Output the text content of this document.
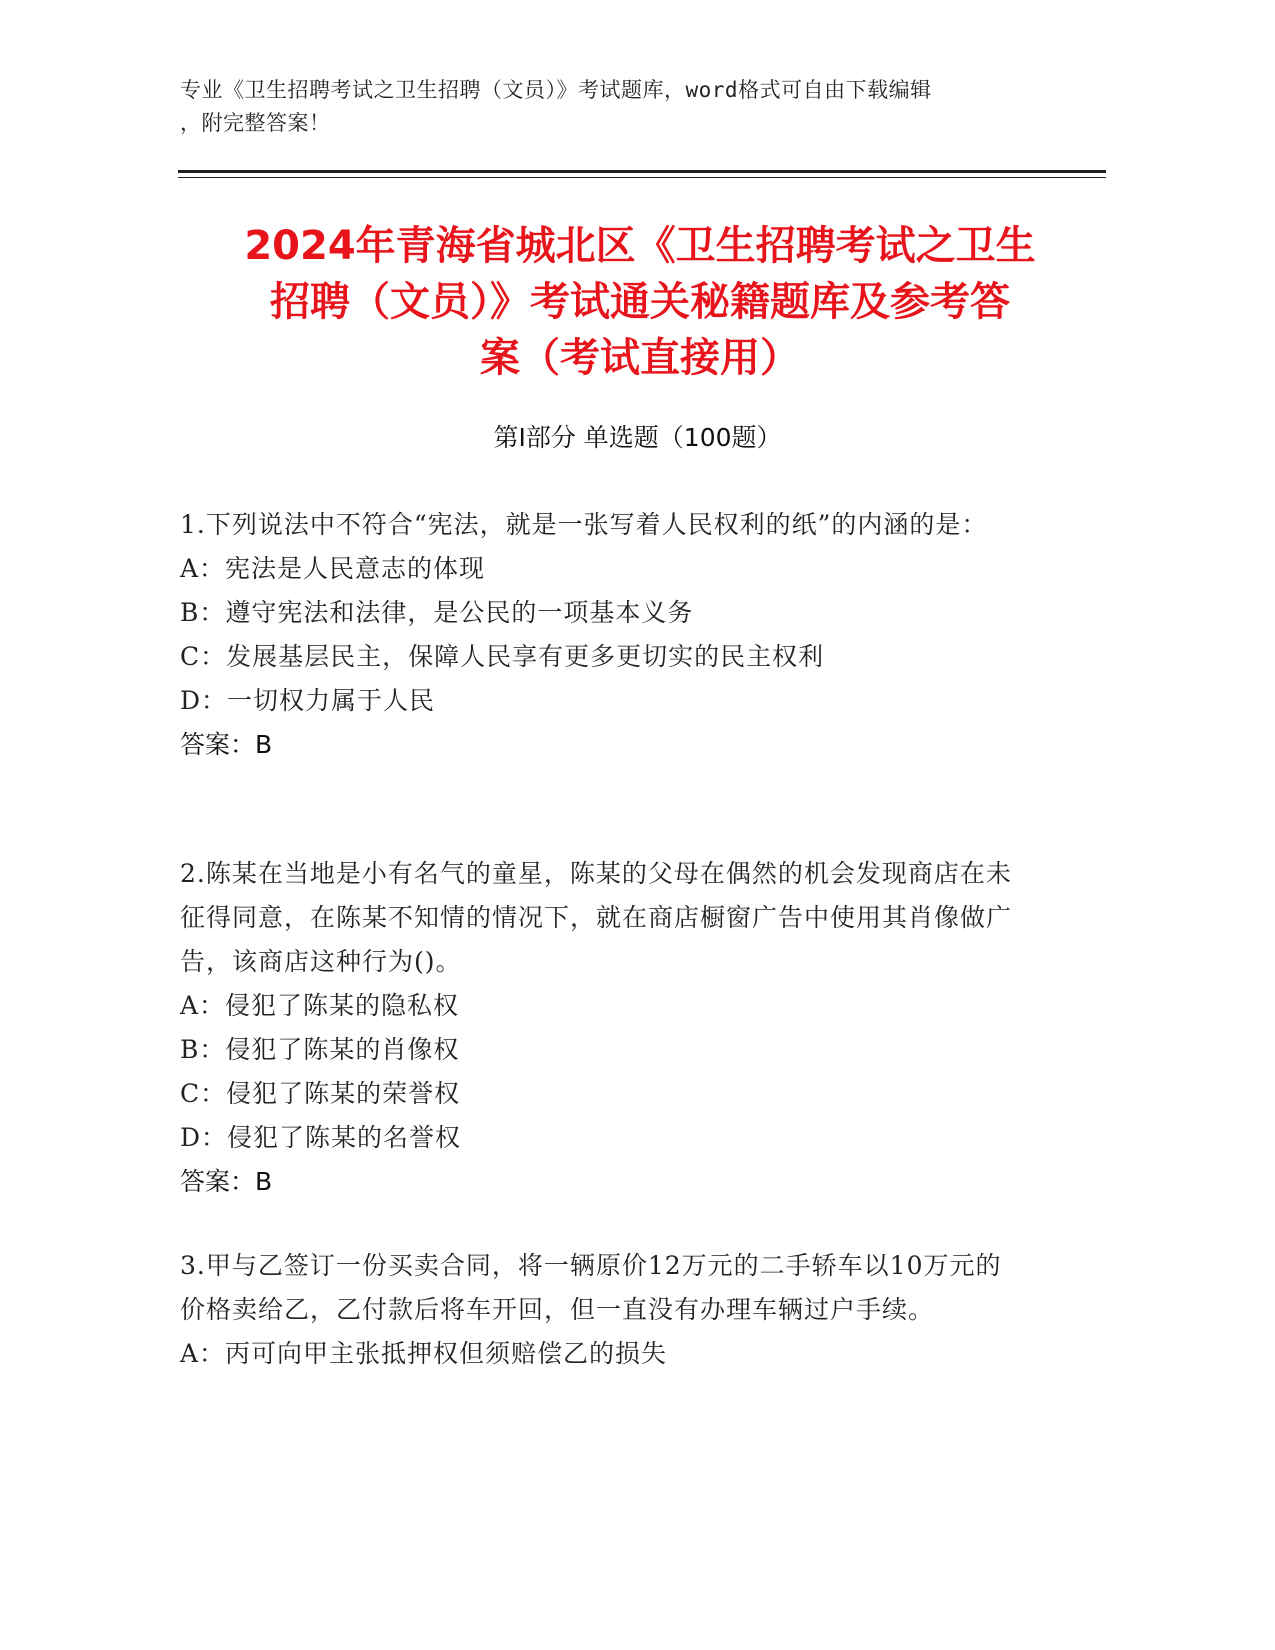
专业《卫生招聘考试之卫生招聘（文员）》考试题库，word格式可自由下载编辑
，附完整答案！
2024年青海省城北区《卫生招聘考试之卫生
招聘（文员）》考试通关秘籍题库及参考答
案（考试直接用）
第Ⅰ部分 单选题（100题）
1.下列说法中不符合“宪法，就是一张写着人民权利的纸”的内涵的是：
A：宪法是人民意志的体现
B：遵守宪法和法律，是公民的一项基本义务
C：发展基层民主，保障人民享有更多更切实的民主权利
D：一切权力属于人民
答案：B
2.陈某在当地是小有名气的童星，陈某的父母在偶然的机会发现商店在未征得同意，在陈某不知情的情况下，就在商店橱窗广告中使用其肖像做广告，该商店这种行为()。
A：侵犯了陈某的隐私权
B：侵犯了陈某的肖像权
C：侵犯了陈某的荣誉权
D：侵犯了陈某的名誉权
答案：B
3.甲与乙签订一份买卖合同，将一辆原价12万元的二手轿车以10万元的价格卖给乙，乙付款后将车开回，但一直没有办理车辆过户手续。
A：丙可向甲主张抵押权但须赔偿乙的损失
